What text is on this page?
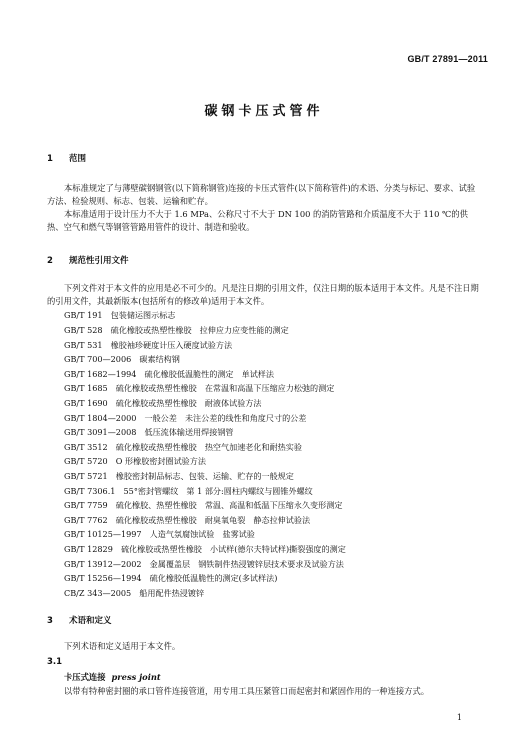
GB/T 27891—2011
碳钢卡压式管件
1 范围
本标准规定了与薄壁碳钢钢管(以下简称钢管)连接的卡压式管件(以下简称管件)的术语、分类与标记、要求、试验方法、检验规则、标志、包装、运输和贮存。
本标准适用于设计压力不大于 1.6 MPa、公称尺寸不大于 DN 100 的消防管路和介质温度不大于 110 ℃的供热、空气和燃气等钢管管路用管件的设计、制造和验收。
2 规范性引用文件
下列文件对于本文件的应用是必不可少的。凡是注日期的引用文件，仅注日期的版本适用于本文件。凡是不注日期的引用文件，其最新版本(包括所有的修改单)适用于本文件。
GB/T 191　包装储运图示标志
GB/T 528　硫化橡胶或热塑性橡胶　拉伸应力应变性能的测定
GB/T 531　橡胶袖珍硬度计压入硬度试验方法
GB/T 700—2006　碳素结构钢
GB/T 1682—1994　硫化橡胶低温脆性的测定　单试样法
GB/T 1685　硫化橡胶或热塑性橡胶　在常温和高温下压缩应力松弛的测定
GB/T 1690　硫化橡胶或热塑性橡胶　耐液体试验方法
GB/T 1804—2000　一般公差　未注公差的线性和角度尺寸的公差
GB/T 3091—2008　低压流体输送用焊接钢管
GB/T 3512　硫化橡胶或热塑性橡胶　热空气加速老化和耐热实验
GB/T 5720　O 形橡胶密封圈试验方法
GB/T 5721　橡胶密封制品标志、包装、运输、贮存的一般规定
GB/T 7306.1　55°密封管螺纹　第 1 部分:圆柱内螺纹与圆锥外螺纹
GB/T 7759　硫化橡胶、热塑性橡胶　常温、高温和低温下压缩永久变形测定
GB/T 7762　硫化橡胶或热塑性橡胶　耐臭氧龟裂　静态拉伸试验法
GB/T 10125—1997　人造气氛腐蚀试验　盐雾试验
GB/T 12829　硫化橡胶或热塑性橡胶　小试样(德尔夫特试样)撕裂强度的测定
GB/T 13912—2002　金属覆盖层　钢铁制件热浸镀锌层技术要求及试验方法
GB/T 15256—1994　硫化橡胶低温脆性的测定(多试样法)
CB/Z 343—2005　船用配件热浸镀锌
3 术语和定义
下列术语和定义适用于本文件。
3.1
卡压式连接 press joint
以带有特种密封圈的承口管件连接管道，用专用工具压紧管口而起密封和紧固作用的一种连接方式。
1
